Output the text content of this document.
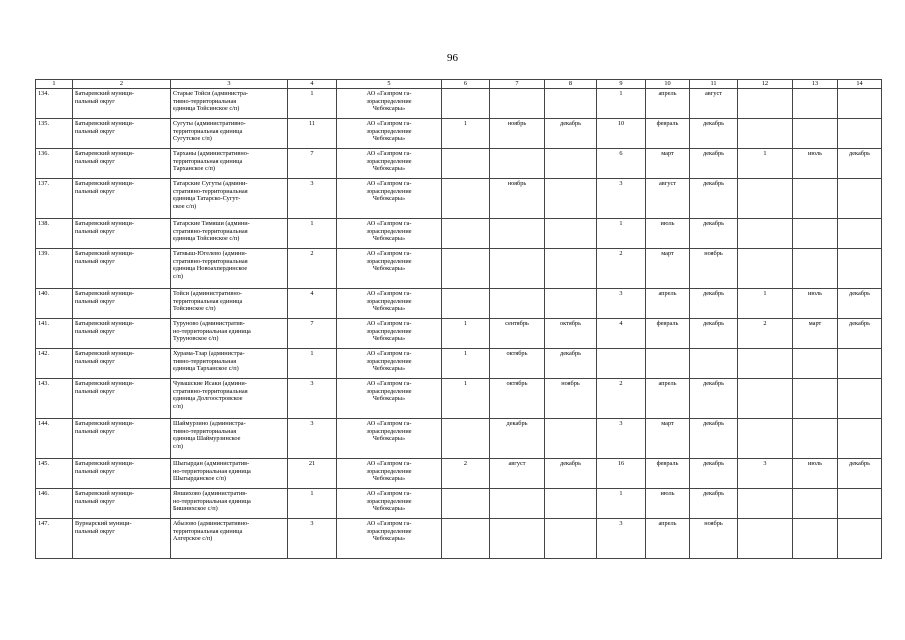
96
1	2	3	4	5	6	7	8	9	10	11	12	13	14
134.	Батыревский муници-
пальный округ	Старые Тойси (администра-
тивно-территориальная
единица Тойсинское с/п)	1	АО «Газпром га-
зораспределение
Чебоксары»				1	апрель	август			
135.	Батыревский муници-
пальный округ	Сугуты (административно-
территориальная единица
Сугутское с/п)	11	АО «Газпром га-
зораспределение
Чебоксары»	1	ноябрь	декабрь	10	февраль	декабрь			
136.	Батыревский муници-
пальный округ	Тарханы (административно-
территориальная единица
Тарханское с/п)	7	АО «Газпром га-
зораспределение
Чебоксары»				6	март	декабрь	1	июль	декабрь
137.	Батыревский муници-
пальный округ	Татарские Сугуты (админи-
стративно-территориальная
единица Татарско-Сугут-
ское с/п)	3	АО «Газпром га-
зораспределение
Чебоксары»		ноябрь		3	август	декабрь			
138.	Батыревский муници-
пальный округ	Татарские Тимяши (админи-
стративно-территориальная
единица Тойсинское с/п)	1	АО «Газпром га-
зораспределение
Чебоксары»				1	июль	декабрь			
139.	Батыревский муници-
пальный округ	Татмыш-Югелево (админи-
стративно-территориальная
единица Новоахпердинское
с/п)	2	АО «Газпром га-
зораспределение
Чебоксары»				2	март	ноябрь			
140.	Батыревский муници-
пальный округ	Тойси (административно-
территориальная единица
Тойсинское с/п)	4	АО «Газпром га-
зораспределение
Чебоксары»				3	апрель	декабрь	1	июль	декабрь
141.	Батыревский муници-
пальный округ	Туруново (административ-
но-территориальная единица
Туруновское с/п)	7	АО «Газпром га-
зораспределение
Чебоксары»	1	сентябрь	октябрь	4	февраль	декабрь	2	март	декабрь
142.	Батыревский муници-
пальный округ	Хурама-Тзар (администра-
тивно-территориальная
единица Тарханское с/п)	1	АО «Газпром га-
зораспределение
Чебоксары»	1	октябрь	декабрь						
143.	Батыревский муници-
пальный округ	Чувашские Исаки (админи-
стративно-территориальная
единица Долгоостровское
с/п)	3	АО «Газпром га-
зораспределение
Чебоксары»	1	октябрь	ноябрь	2	апрель	декабрь			
144.	Батыревский муници-
пальный округ	Шаймурзино (администра-
тивно-территориальная
единица Шаймурзинское
с/п)	3	АО «Газпром га-
зораспределение
Чебоксары»		декабрь		3	март	декабрь			
145.	Батыревский муници-
пальный округ	Шыгырдан (административ-
но-территориальная единица
Шыгырданское с/п)	21	АО «Газпром га-
зораспределение
Чебоксары»	2	август	декабрь	16	февраль	декабрь	3	июль	декабрь
146.	Батыревский муници-
пальный округ	Яншихово (административ-
но-территориальная единица
Бишнихское с/п)	1	АО «Газпром га-
зораспределение
Чебоксары»				1	июль	декабрь			
147.	Вурнарский муници-
пальный округ	Абызово (административно-
территориальная единица
Алгерское с/п)	3	АО «Газпром га-
зораспределение
Чебоксары»				3	апрель	ноябрь			
